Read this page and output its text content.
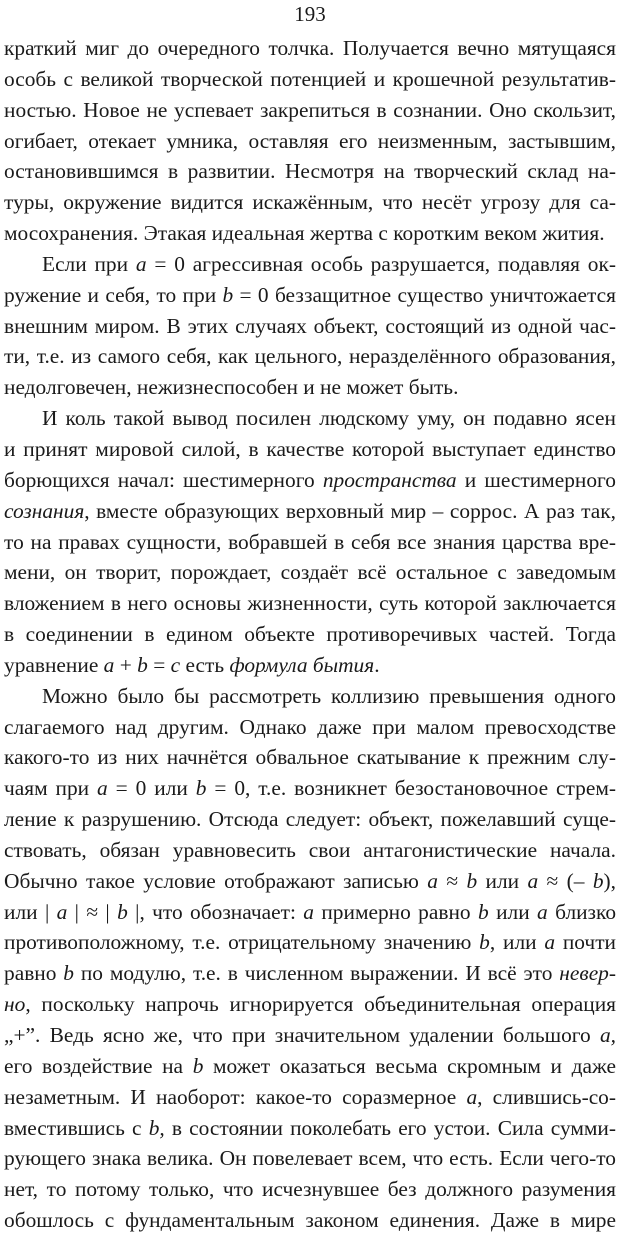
193
краткий миг до очередного толчка. Получается вечно мятущаяся
особь с великой творческой потенцией и крошечной результатив-
ностью. Новое не успевает закрепиться в сознании. Оно скользит,
огибает, отекает умника, оставляя его неизменным, застывшим,
остановившимся в развитии. Несмотря на творческий склад на-
туры, окружение видится искажённым, что несёт угрозу для са-
мосохранения. Этакая идеальная жертва с коротким веком жития.
Если при a = 0 агрессивная особь разрушается, подавляя ок-
ружение и себя, то при b = 0 беззащитное существо уничтожается
внешним миром. В этих случаях объект, состоящий из одной час-
ти, т.е. из самого себя, как цельного, неразделённого образования,
недолговечен, нежизнеспособен и не может быть.
И коль такой вывод посилен людскому уму, он подавно ясен
и принят мировой силой, в качестве которой выступает единство
борющихся начал: шестимерного пространства и шестимерного
сознания, вместе образующих верховный мир – соррос. А раз так,
то на правах сущности, вобравшей в себя все знания царства вре-
мени, он творит, порождает, создаёт всё остальное с заведомым
вложением в него основы жизненности, суть которой заключается
в соединении в едином объекте противоречивых частей. Тогда
уравнение a + b = c есть формула бытия.
Можно было бы рассмотреть коллизию превышения одного
слагаемого над другим. Однако даже при малом превосходстве
какого-то из них начнётся обвальное скатывание к прежним слу-
чаям при a = 0 или b = 0, т.е. возникнет безостановочное стрем-
ление к разрушению. Отсюда следует: объект, пожелавший суще-
ствовать, обязан уравновесить свои антагонистические начала.
Обычно такое условие отображают записью a ≈ b или a ≈ (– b),
или | a | ≈ | b |, что обозначает: a примерно равно b или a близко
противоположному, т.е. отрицательному значению b, или a почти
равно b по модулю, т.е. в численном выражении. И всё это невер-
но, поскольку напрочь игнорируется объединительная операция
„+”. Ведь ясно же, что при значительном удалении большого a,
его воздействие на b может оказаться весьма скромным и даже
незаметным. И наоборот: какое-то соразмерное a, слившись-со-
вместившись с b, в состоянии поколебать его устои. Сила сумми-
рующего знака велика. Он повелевает всем, что есть. Если чего-то
нет, то потому только, что исчезнувшее без должного разумения
обошлось с фундаментальным законом единения. Даже в мире
